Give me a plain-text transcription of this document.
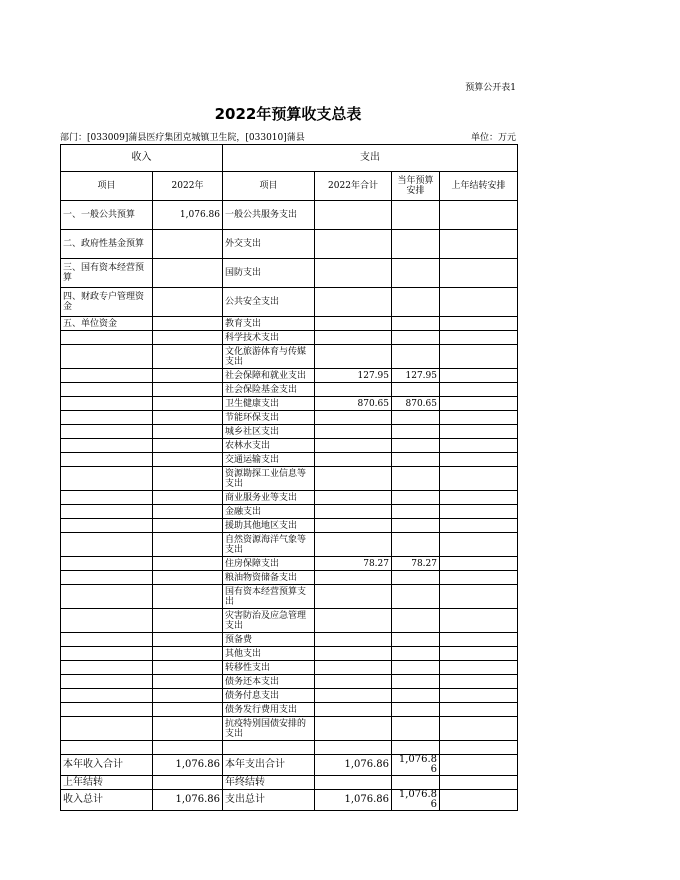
预算公开表1
2022年预算收支总表
部门：[033009]蒲县医疗集团克城镇卫生院，[033010]蒲县	单位：万元
收入		支出			
项目	2022年	项目	2022年合计	当年预算安排	上年结转安排
一、一般公共预算	1,076.86	一般公共服务支出			
二、政府性基金预算		外交支出			
三、国有资本经营预算		国防支出			
四、财政专户管理资金		公共安全支出			
五、单位资金		教育支出			
		科学技术支出			
		文化旅游体育与传媒支出			
		社会保障和就业支出	127.95	127.95	
		社会保险基金支出			
		卫生健康支出	870.65	870.65	
		节能环保支出			
		城乡社区支出			
		农林水支出			
		交通运输支出			
		资源勘探工业信息等支出			
		商业服务业等支出			
		金融支出			
		援助其他地区支出			
		自然资源海洋气象等支出			
		住房保障支出	78.27	78.27	
		粮油物资储备支出			
		国有资本经营预算支出			
		灾害防治及应急管理支出			
		预备费			
		其他支出			
		转移性支出			
		债务还本支出			
		债务付息支出			
		债务发行费用支出			
		抗疫特别国债安排的支出			

本年收入合计	1,076.86	本年支出合计	1,076.86	1,076.86	
上年结转		年终结转			
收入总计	1,076.86	支出总计	1,076.86	1,076.86	
